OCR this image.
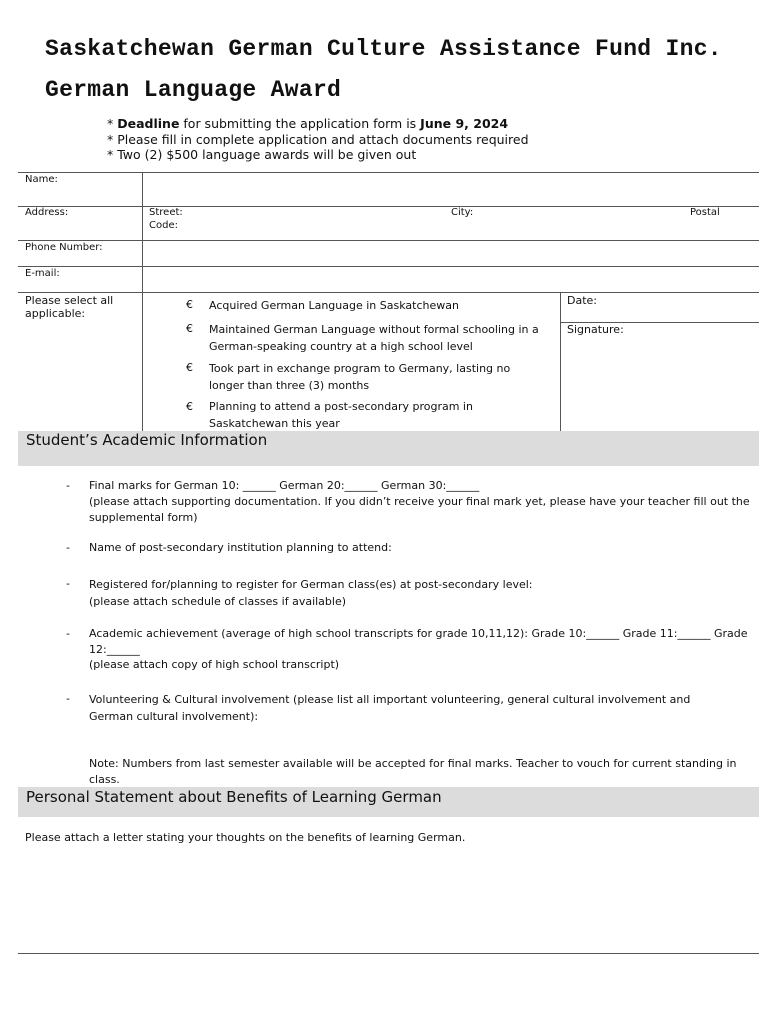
Saskatchewan German Culture Assistance Fund Inc.
German Language Award
* Deadline for submitting the application form is June 9, 2024
* Please fill in complete application and attach documents required
* Two (2) $500 language awards will be given out
Name:
Address:	Street:
Code:
City:	Postal
Phone Number:
E-mail:
Please select all applicable:
€ Acquired German Language in Saskatchewan
€ Maintained German Language without formal schooling in a German-speaking country at a high school level
€ Took part in exchange program to Germany, lasting no longer than three (3) months
€ Planning to attend a post-secondary program in Saskatchewan this year
Date:
Signature:
Student’s Academic Information
- Final marks for German 10: ______ German 20:______ German 30:______
(please attach supporting documentation. If you didn’t receive your final mark yet, please have your teacher fill out the supplemental form)
- Name of post-secondary institution planning to attend:
- Registered for/planning to register for German class(es) at post-secondary level:
(please attach schedule of classes if available)
- Academic achievement (average of high school transcripts for grade 10,11,12): Grade 10:______ Grade 11:______ Grade 12:______
(please attach copy of high school transcript)
- Volunteering & Cultural involvement (please list all important volunteering, general cultural involvement and German cultural involvement):
Note: Numbers from last semester available will be accepted for final marks. Teacher to vouch for current standing in class.
Personal Statement about Benefits of Learning German
Please attach a letter stating your thoughts on the benefits of learning German.
